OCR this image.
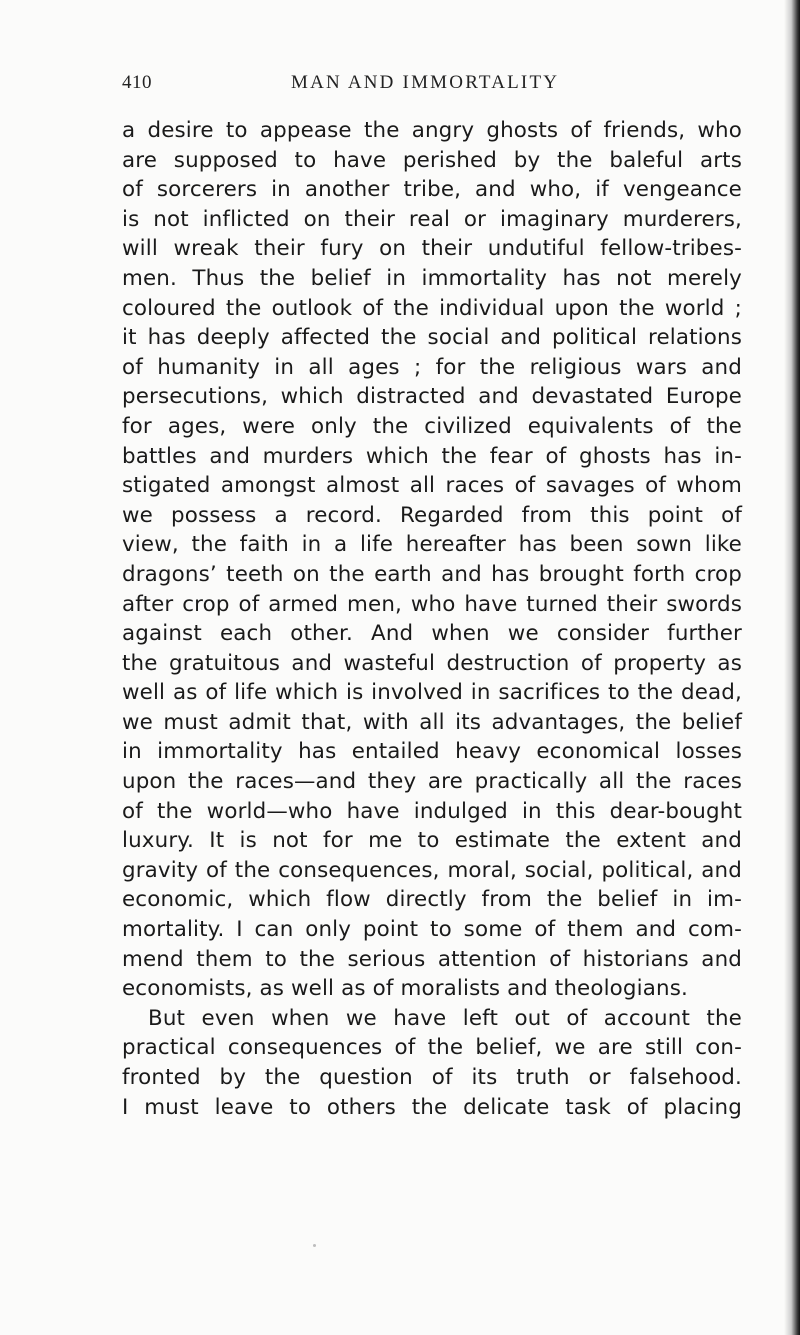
410	MAN AND IMMORTALITY
a desire to appease the angry ghosts of friends, who
are supposed to have perished by the baleful arts
of sorcerers in another tribe, and who, if vengeance
is not inflicted on their real or imaginary murderers,
will wreak their fury on their undutiful fellow-tribes-
men. Thus the belief in immortality has not merely
coloured the outlook of the individual upon the world ;
it has deeply affected the social and political relations
of humanity in all ages ; for the religious wars and
persecutions, which distracted and devastated Europe
for ages, were only the civilized equivalents of the
battles and murders which the fear of ghosts has in-
stigated amongst almost all races of savages of whom
we possess a record. Regarded from this point of
view, the faith in a life hereafter has been sown like
dragons’ teeth on the earth and has brought forth crop
after crop of armed men, who have turned their swords
against each other. And when we consider further
the gratuitous and wasteful destruction of property as
well as of life which is involved in sacrifices to the dead,
we must admit that, with all its advantages, the belief
in immortality has entailed heavy economical losses
upon the races—and they are practically all the races
of the world—who have indulged in this dear-bought
luxury. It is not for me to estimate the extent and
gravity of the consequences, moral, social, political, and
economic, which flow directly from the belief in im-
mortality. I can only point to some of them and com-
mend them to the serious attention of historians and
economists, as well as of moralists and theologians.
But even when we have left out of account the
practical consequences of the belief, we are still con-
fronted by the question of its truth or falsehood.
I must leave to others the delicate task of placing
